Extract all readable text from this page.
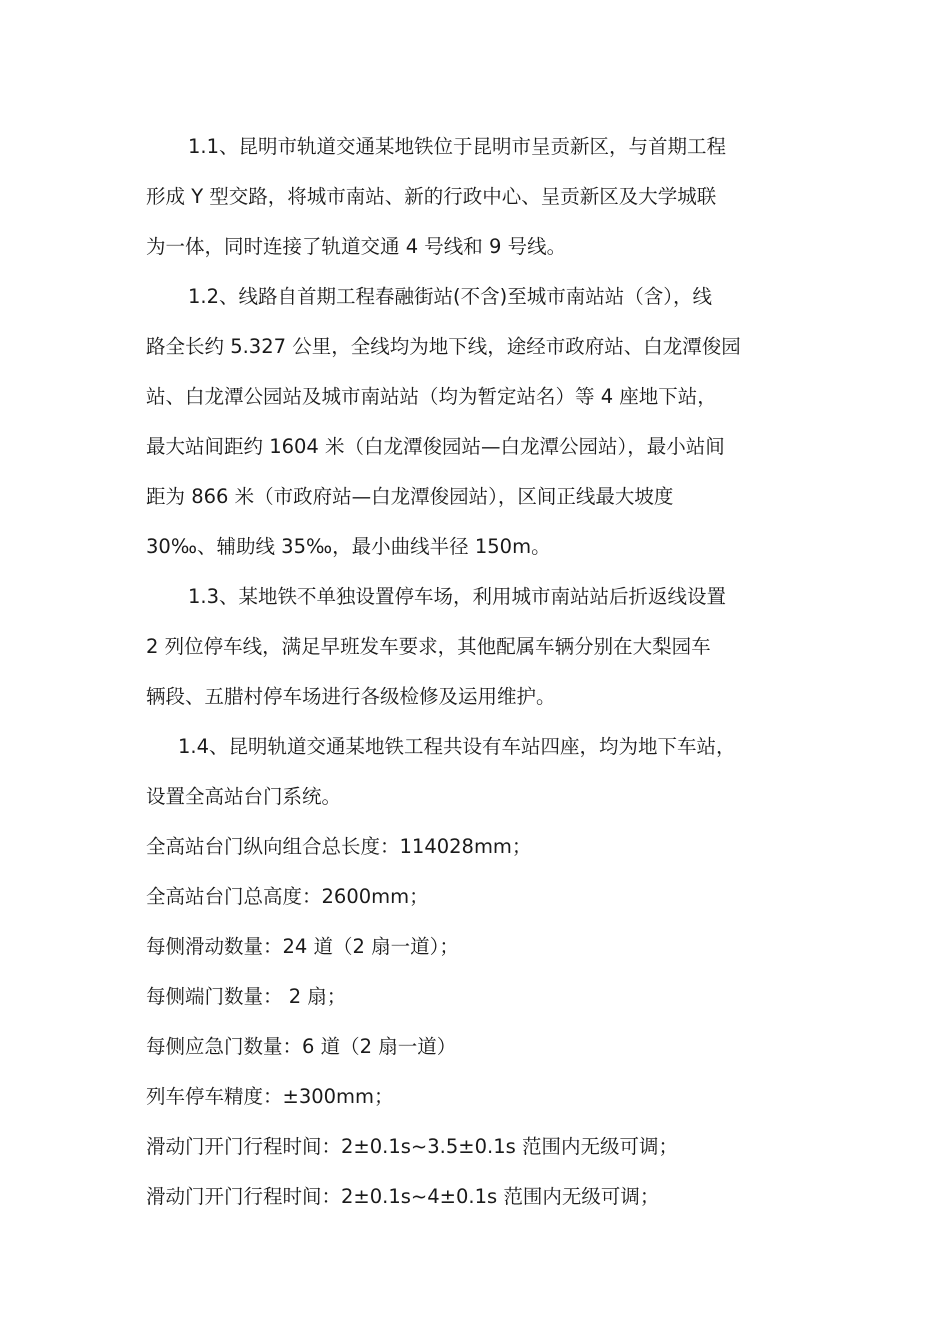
1.1、昆明市轨道交通某地铁位于昆明市呈贡新区，与首期工程
形成 Y 型交路，将城市南站、新的行政中心、呈贡新区及大学城联
为一体，同时连接了轨道交通 4 号线和 9 号线。

1.2、线路自首期工程春融街站(不含)至城市南站站（含），线
路全长约 5.327 公里，全线均为地下线，途经市政府站、白龙潭俊园
站、白龙潭公园站及城市南站站（均为暂定站名）等 4 座地下站，
最大站间距约 1604 米（白龙潭俊园站—白龙潭公园站），最小站间
距为 866 米（市政府站—白龙潭俊园站），区间正线最大坡度
30‰、辅助线 35‰，最小曲线半径 150m。

1.3、某地铁不单独设置停车场，利用城市南站站后折返线设置
2 列位停车线，满足早班发车要求，其他配属车辆分别在大梨园车
辆段、五腊村停车场进行各级检修及运用维护。

1.4、昆明轨道交通某地铁工程共设有车站四座，均为地下车站，
设置全高站台门系统。

全高站台门纵向组合总长度：114028mm；
全高站台门总高度：2600mm；
每侧滑动数量：24 道（2 扇一道）；
每侧端门数量： 2 扇；
每侧应急门数量：6 道（2 扇一道）
列车停车精度：±300mm；
滑动门开门行程时间：2±0.1s~3.5±0.1s 范围内无级可调；
滑动门开门行程时间：2±0.1s~4±0.1s 范围内无级可调；
